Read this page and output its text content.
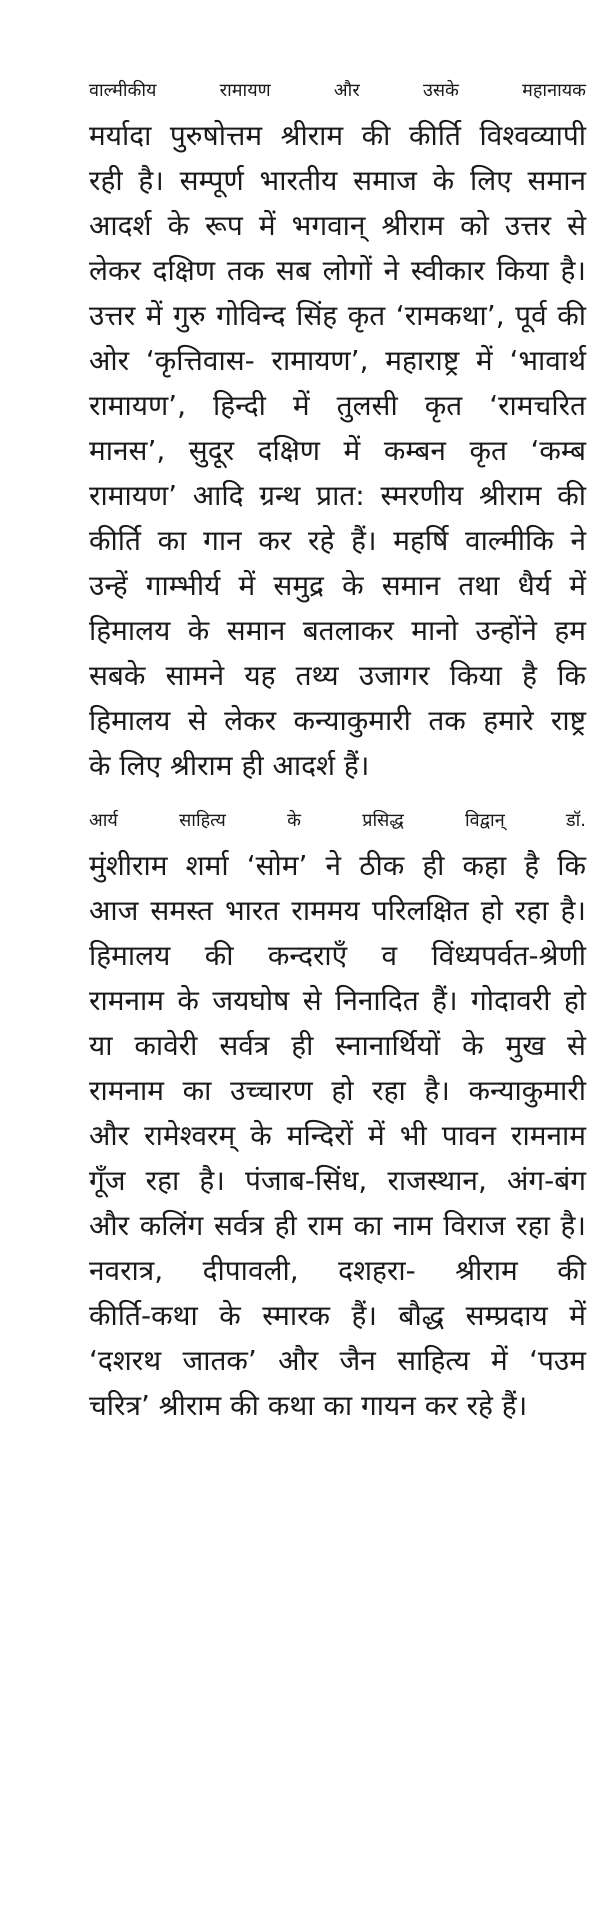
वाल्मीकीय रामायण और उसके महानायक
मर्यादा पुरुषोत्तम श्रीराम की कीर्ति विश्वव्यापी
रही है। सम्पूर्ण भारतीय समाज के लिए समान
आदर्श के रूप में भगवान् श्रीराम को उत्तर से
लेकर दक्षिण तक सब लोगों ने स्वीकार किया है।
उत्तर में गुरु गोविन्द सिंह कृत ‘रामकथा’, पूर्व की
ओर ‘कृत्तिवास- रामायण’, महाराष्ट्र में ‘भावार्थ
रामायण’, हिन्दी में तुलसी कृत ‘रामचरित
मानस’, सुदूर दक्षिण में कम्बन कृत ‘कम्ब
रामायण’ आदि ग्रन्थ प्रात: स्मरणीय श्रीराम की
कीर्ति का गान कर रहे हैं। महर्षि वाल्मीकि ने
उन्हें गाम्भीर्य में समुद्र के समान तथा धैर्य में
हिमालय के समान बतलाकर मानो उन्होंने हम
सबके सामने यह तथ्य उजागर किया है कि
हिमालय से लेकर कन्याकुमारी तक हमारे राष्ट्र
के लिए श्रीराम ही आदर्श हैं।

आर्य साहित्य के प्रसिद्ध विद्वान् डॉ.
मुंशीराम शर्मा ‘सोम’ ने ठीक ही कहा है कि
आज समस्त भारत राममय परिलक्षित हो रहा है।
हिमालय की कन्दराएँ व विंध्यपर्वत-श्रेणी
रामनाम के जयघोष से निनादित हैं। गोदावरी हो
या कावेरी सर्वत्र ही स्नानार्थियों के मुख से
रामनाम का उच्चारण हो रहा है। कन्याकुमारी
और रामेश्वरम् के मन्दिरों में भी पावन रामनाम
गूँज रहा है। पंजाब-सिंध, राजस्थान, अंग-बंग
और कलिंग सर्वत्र ही राम का नाम विराज रहा है।
नवरात्र, दीपावली, दशहरा- श्रीराम की
कीर्ति-कथा के स्मारक हैं। बौद्ध सम्प्रदाय में
‘दशरथ जातक’ और जैन साहित्य में ‘पउम
चरित्र’ श्रीराम की कथा का गायन कर रहे हैं।
